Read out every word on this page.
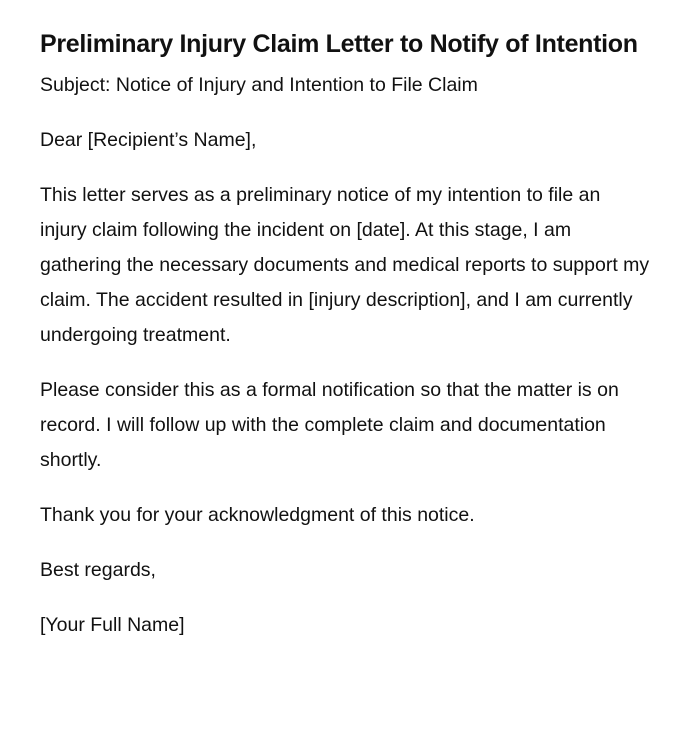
Preliminary Injury Claim Letter to Notify of Intention

Subject: Notice of Injury and Intention to File Claim

Dear [Recipient’s Name],

This letter serves as a preliminary notice of my intention to file an injury claim following the incident on [date]. At this stage, I am gathering the necessary documents and medical reports to support my claim. The accident resulted in [injury description], and I am currently undergoing treatment.

Please consider this as a formal notification so that the matter is on record. I will follow up with the complete claim and documentation shortly.

Thank you for your acknowledgment of this notice.

Best regards,

[Your Full Name]
